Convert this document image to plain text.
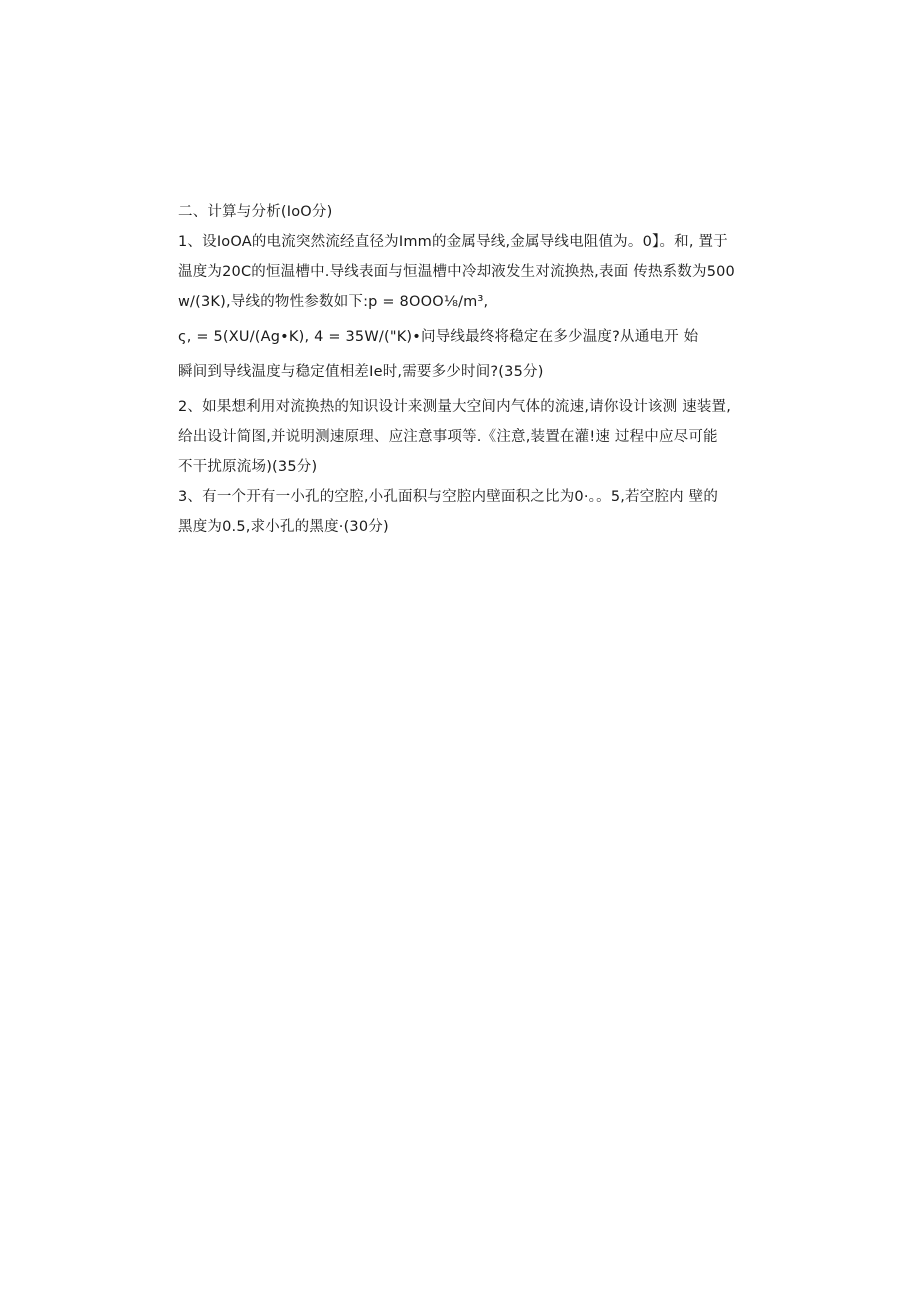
二、计算与分析(IoO分)
1、设IoOA的电流突然流经直径为Imm的金属导线,金属导线电阻值为。0】。和, 置于
温度为20C的恒温槽中.导线表面与恒温槽中冷却液发生对流换热,表面 传热系数为500
w/(3K),导线的物性参数如下:p = 8OOO⅛/m³,
ς, = 5(XU/(Ag•K), 4 = 35W/("K)•问导线最终将稳定在多少温度?从通电开 始
瞬间到导线温度与稳定值相差Ie时,需要多少时间?(35分)
2、如果想利用对流换热的知识设计来测量大空间内气体的流速,请你设计该测 速装置,
给出设计简图,并说明测速原理、应注意事项等.《注意,装置在灌!速 过程中应尽可能
不干扰原流场)(35分)
3、有一个开有一小孔的空腔,小孔面积与空腔内壁面积之比为0·。。5,若空腔内 壁的
黑度为0.5,求小孔的黑度·(30分)
